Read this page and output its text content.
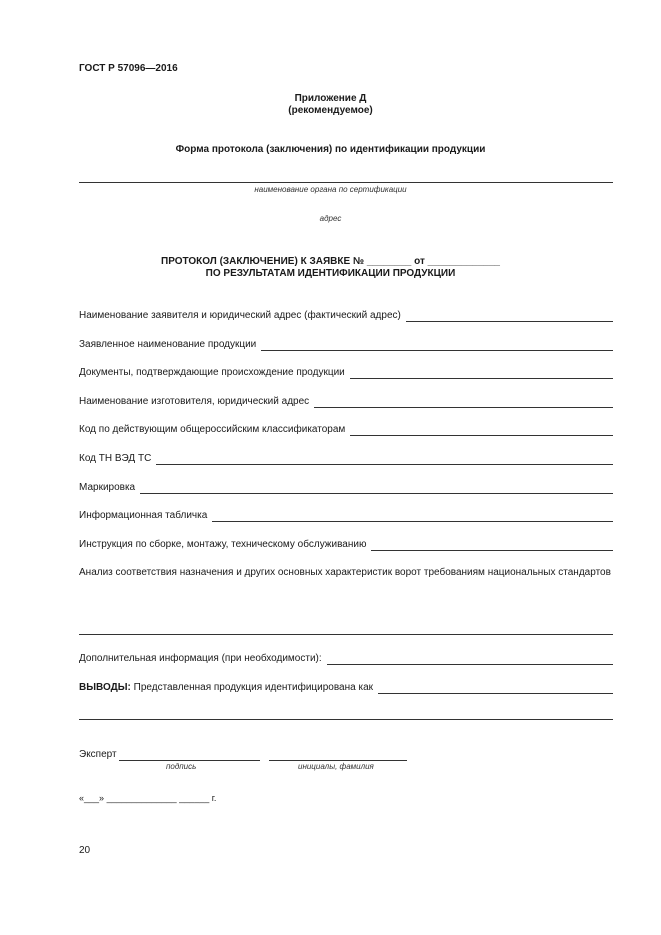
ГОСТ Р 57096—2016
Приложение Д
(рекомендуемое)
Форма протокола (заключения) по идентификации продукции
наименование органа по сертификации
адрес
ПРОТОКОЛ (ЗАКЛЮЧЕНИЕ) К ЗАЯВКЕ № ________ от _____________
ПО РЕЗУЛЬТАТАМ ИДЕНТИФИКАЦИИ ПРОДУКЦИИ
Наименование заявителя и юридический адрес (фактический адрес)
Заявленное наименование продукции
Документы, подтверждающие происхождение продукции
Наименование изготовителя, юридический адрес
Код по действующим общероссийским классификаторам
Код ТН ВЭД ТС
Маркировка
Информационная табличка
Инструкция по сборке, монтажу, техническому обслуживанию
Анализ соответствия назначения и других основных характеристик ворот требованиям национальных стандартов
Дополнительная информация (при необходимости):
ВЫВОДЫ: Представленная продукция идентифицирована как
Эксперт
подпись	инициалы, фамилия
«___» ______________ ______ г.
20
